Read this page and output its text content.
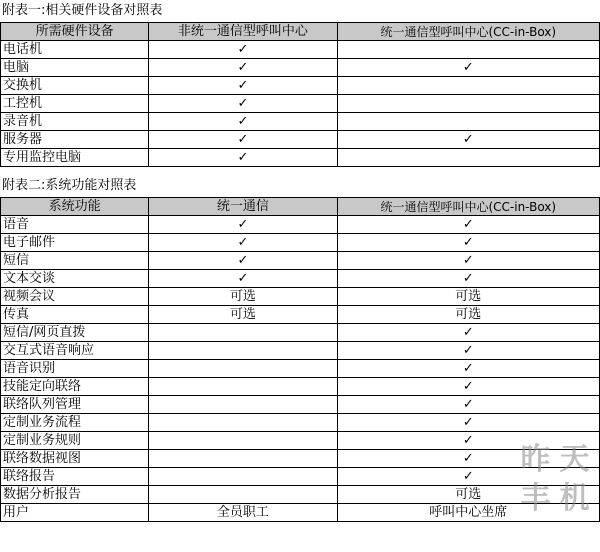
附表一:相关硬件设备对照表
所需硬件设备	非统一通信型呼叫中心	统一通信型呼叫中心(CC-in-Box)
电话机	✓	
电脑	✓	✓
交换机	✓	
工控机	✓	
录音机	✓	
服务器	✓	✓
专用监控电脑	✓	
附表二:系统功能对照表
系统功能	统一通信	统一通信型呼叫中心(CC-in-Box)
语音	✓	✓
电子邮件	✓	✓
短信	✓	✓
文本交谈	✓	✓
视频会议	可选	可选
传真	可选	可选
短信/网页直拨		✓
交互式语音响应		✓
语音识别		✓
技能定向联络		✓
联络队列管理		✓
定制业务流程		✓
定制业务规则		✓
联络数据视图		✓
联络报告		✓
数据分析报告		可选
用户	全员职工	呼叫中心坐席
昨 天
丰 机
